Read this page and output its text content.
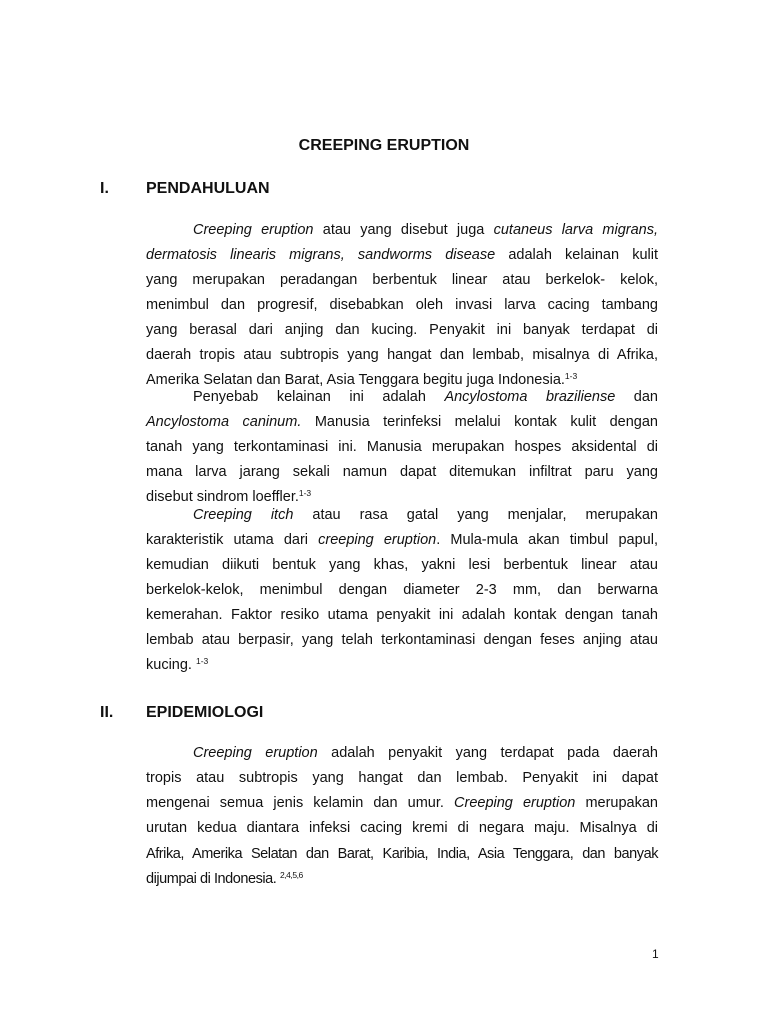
CREEPING ERUPTION
I. PENDAHULUAN
Creeping eruption atau yang disebut juga cutaneus larva migrans,
dermatosis linearis migrans, sandworms disease adalah kelainan kulit
yang merupakan peradangan berbentuk linear atau berkelok- kelok,
menimbul dan progresif, disebabkan oleh invasi larva cacing tambang
yang berasal dari anjing dan kucing. Penyakit ini banyak terdapat di
daerah tropis atau subtropis yang hangat dan lembab, misalnya di Afrika,
Amerika Selatan dan Barat, Asia Tenggara begitu juga Indonesia.$^{1-3}$
Penyebab kelainan ini adalah Ancylostoma braziliense dan
Ancylostoma caninum. Manusia terinfeksi melalui kontak kulit dengan
tanah yang terkontaminasi ini. Manusia merupakan hospes aksidental di
mana larva jarang sekali namun dapat ditemukan infiltrat paru yang
disebut sindrom loeffler.$^{1-3}$
Creeping itch atau rasa gatal yang menjalar, merupakan
karakteristik utama dari creeping eruption. Mula-mula akan timbul papul,
kemudian diikuti bentuk yang khas, yakni lesi berbentuk linear atau
berkelok-kelok, menimbul dengan diameter 2-3 mm, dan berwarna
kemerahan. Faktor resiko utama penyakit ini adalah kontak dengan tanah
lembab atau berpasir, yang telah terkontaminasi dengan feses anjing atau
kucing. $^{1-3}$
II. EPIDEMIOLOGI
Creeping eruption adalah penyakit yang terdapat pada daerah
tropis atau subtropis yang hangat dan lembab. Penyakit ini dapat
mengenai semua jenis kelamin dan umur. Creeping eruption merupakan
urutan kedua diantara infeksi cacing kremi di negara maju. Misalnya di
Afrika, Amerika Selatan dan Barat, Karibia, India, Asia Tenggara, dan banyak
dijumpai di Indonesia. $^{2,4,5,6}$
1
